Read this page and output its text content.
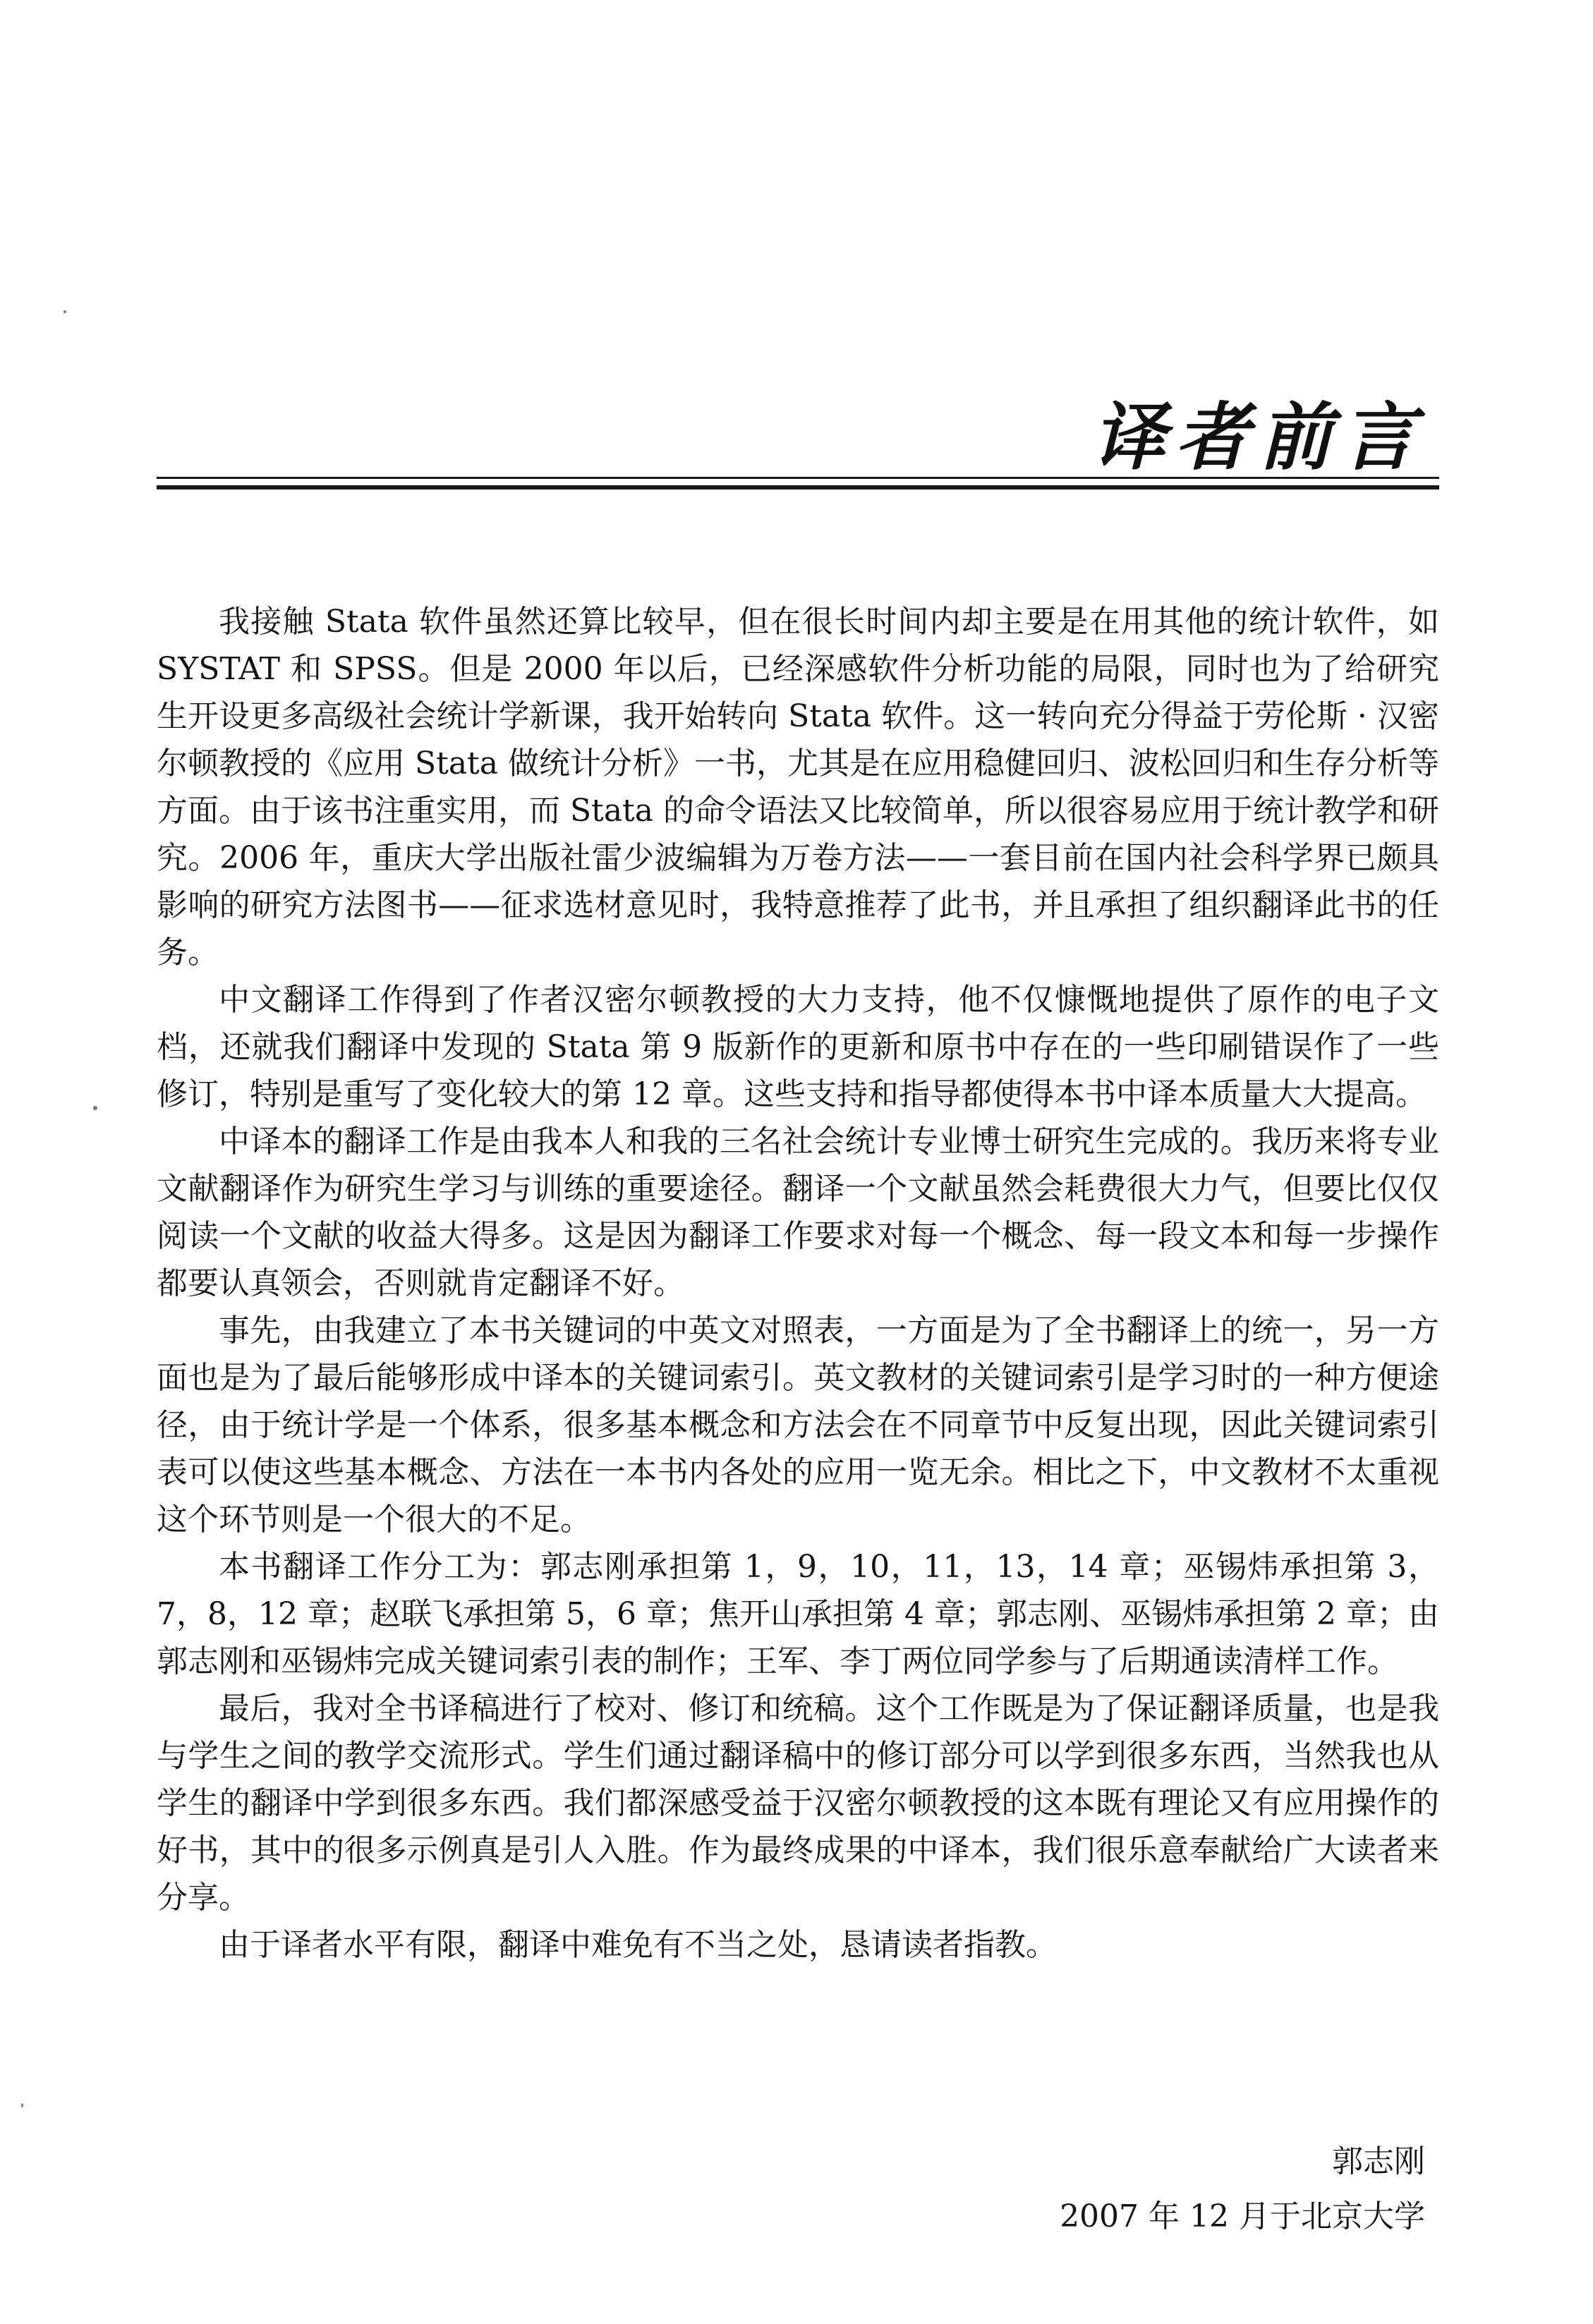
译者前言

我接触 Stata 软件虽然还算比较早，但在很长时间内却主要是在用其他的统计软件，如 SYSTAT 和 SPSS。但是 2000 年以后，已经深感软件分析功能的局限，同时也为了给研究生开设更多高级社会统计学新课，我开始转向 Stata 软件。这一转向充分得益于劳伦斯 · 汉密尔顿教授的《应用 Stata 做统计分析》一书，尤其是在应用稳健回归、波松回归和生存分析等方面。由于该书注重实用，而 Stata 的命令语法又比较简单，所以很容易应用于统计教学和研究。2006 年，重庆大学出版社雷少波编辑为万卷方法——一套目前在国内社会科学界已颇具影响的研究方法图书——征求选材意见时，我特意推荐了此书，并且承担了组织翻译此书的任务。

中文翻译工作得到了作者汉密尔顿教授的大力支持，他不仅慷慨地提供了原作的电子文档，还就我们翻译中发现的 Stata 第 9 版新作的更新和原书中存在的一些印刷错误作了一些修订，特别是重写了变化较大的第 12 章。这些支持和指导都使得本书中译本质量大大提高。

中译本的翻译工作是由我本人和我的三名社会统计专业博士研究生完成的。我历来将专业文献翻译作为研究生学习与训练的重要途径。翻译一个文献虽然会耗费很大力气，但要比仅仅阅读一个文献的收益大得多。这是因为翻译工作要求对每一个概念、每一段文本和每一步操作都要认真领会，否则就肯定翻译不好。

事先，由我建立了本书关键词的中英文对照表，一方面是为了全书翻译上的统一，另一方面也是为了最后能够形成中译本的关键词索引。英文教材的关键词索引是学习时的一种方便途径，由于统计学是一个体系，很多基本概念和方法会在不同章节中反复出现，因此关键词索引表可以使这些基本概念、方法在一本书内各处的应用一览无余。相比之下，中文教材不太重视这个环节则是一个很大的不足。

本书翻译工作分工为：郭志刚承担第 1，9，10，11，13，14 章；巫锡炜承担第 3，7，8，12 章；赵联飞承担第 5，6 章；焦开山承担第 4 章；郭志刚、巫锡炜承担第 2 章；由郭志刚和巫锡炜完成关键词索引表的制作；王军、李丁两位同学参与了后期通读清样工作。

最后，我对全书译稿进行了校对、修订和统稿。这个工作既是为了保证翻译质量，也是我与学生之间的教学交流形式。学生们通过翻译稿中的修订部分可以学到很多东西，当然我也从学生的翻译中学到很多东西。我们都深感受益于汉密尔顿教授的这本既有理论又有应用操作的好书，其中的很多示例真是引人入胜。作为最终成果的中译本，我们很乐意奉献给广大读者来分享。

由于译者水平有限，翻译中难免有不当之处，恳请读者指教。

郭志刚
2007 年 12 月于北京大学
